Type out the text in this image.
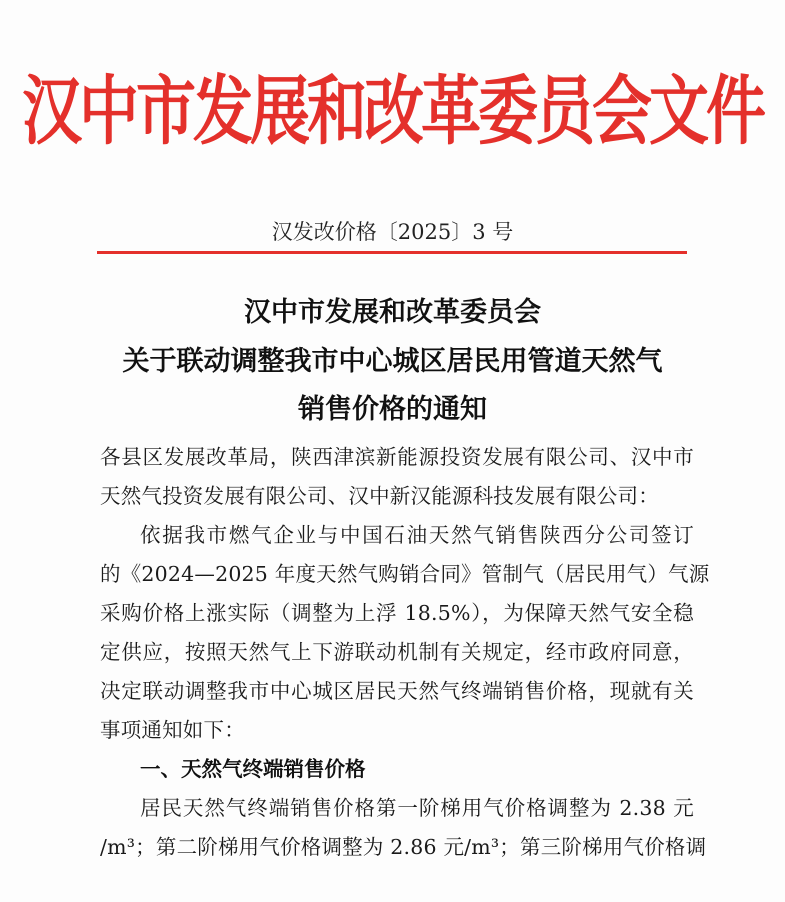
汉中市发展和改革委员会文件
汉发改价格〔2025〕3 号
汉中市发展和改革委员会
关于联动调整我市中心城区居民用管道天然气
销售价格的通知
各县区发展改革局，陕西津滨新能源投资发展有限公司、汉中市
天然气投资发展有限公司、汉中新汉能源科技发展有限公司：
依据我市燃气企业与中国石油天然气销售陕西分公司签订
的《2024—2025 年度天然气购销合同》管制气（居民用气）气源
采购价格上涨实际（调整为上浮 18.5%），为保障天然气安全稳
定供应，按照天然气上下游联动机制有关规定，经市政府同意，
决定联动调整我市中心城区居民天然气终端销售价格，现就有关
事项通知如下：
一、天然气终端销售价格
居民天然气终端销售价格第一阶梯用气价格调整为 2.38 元
/m³；第二阶梯用气价格调整为 2.86 元/m³；第三阶梯用气价格调
